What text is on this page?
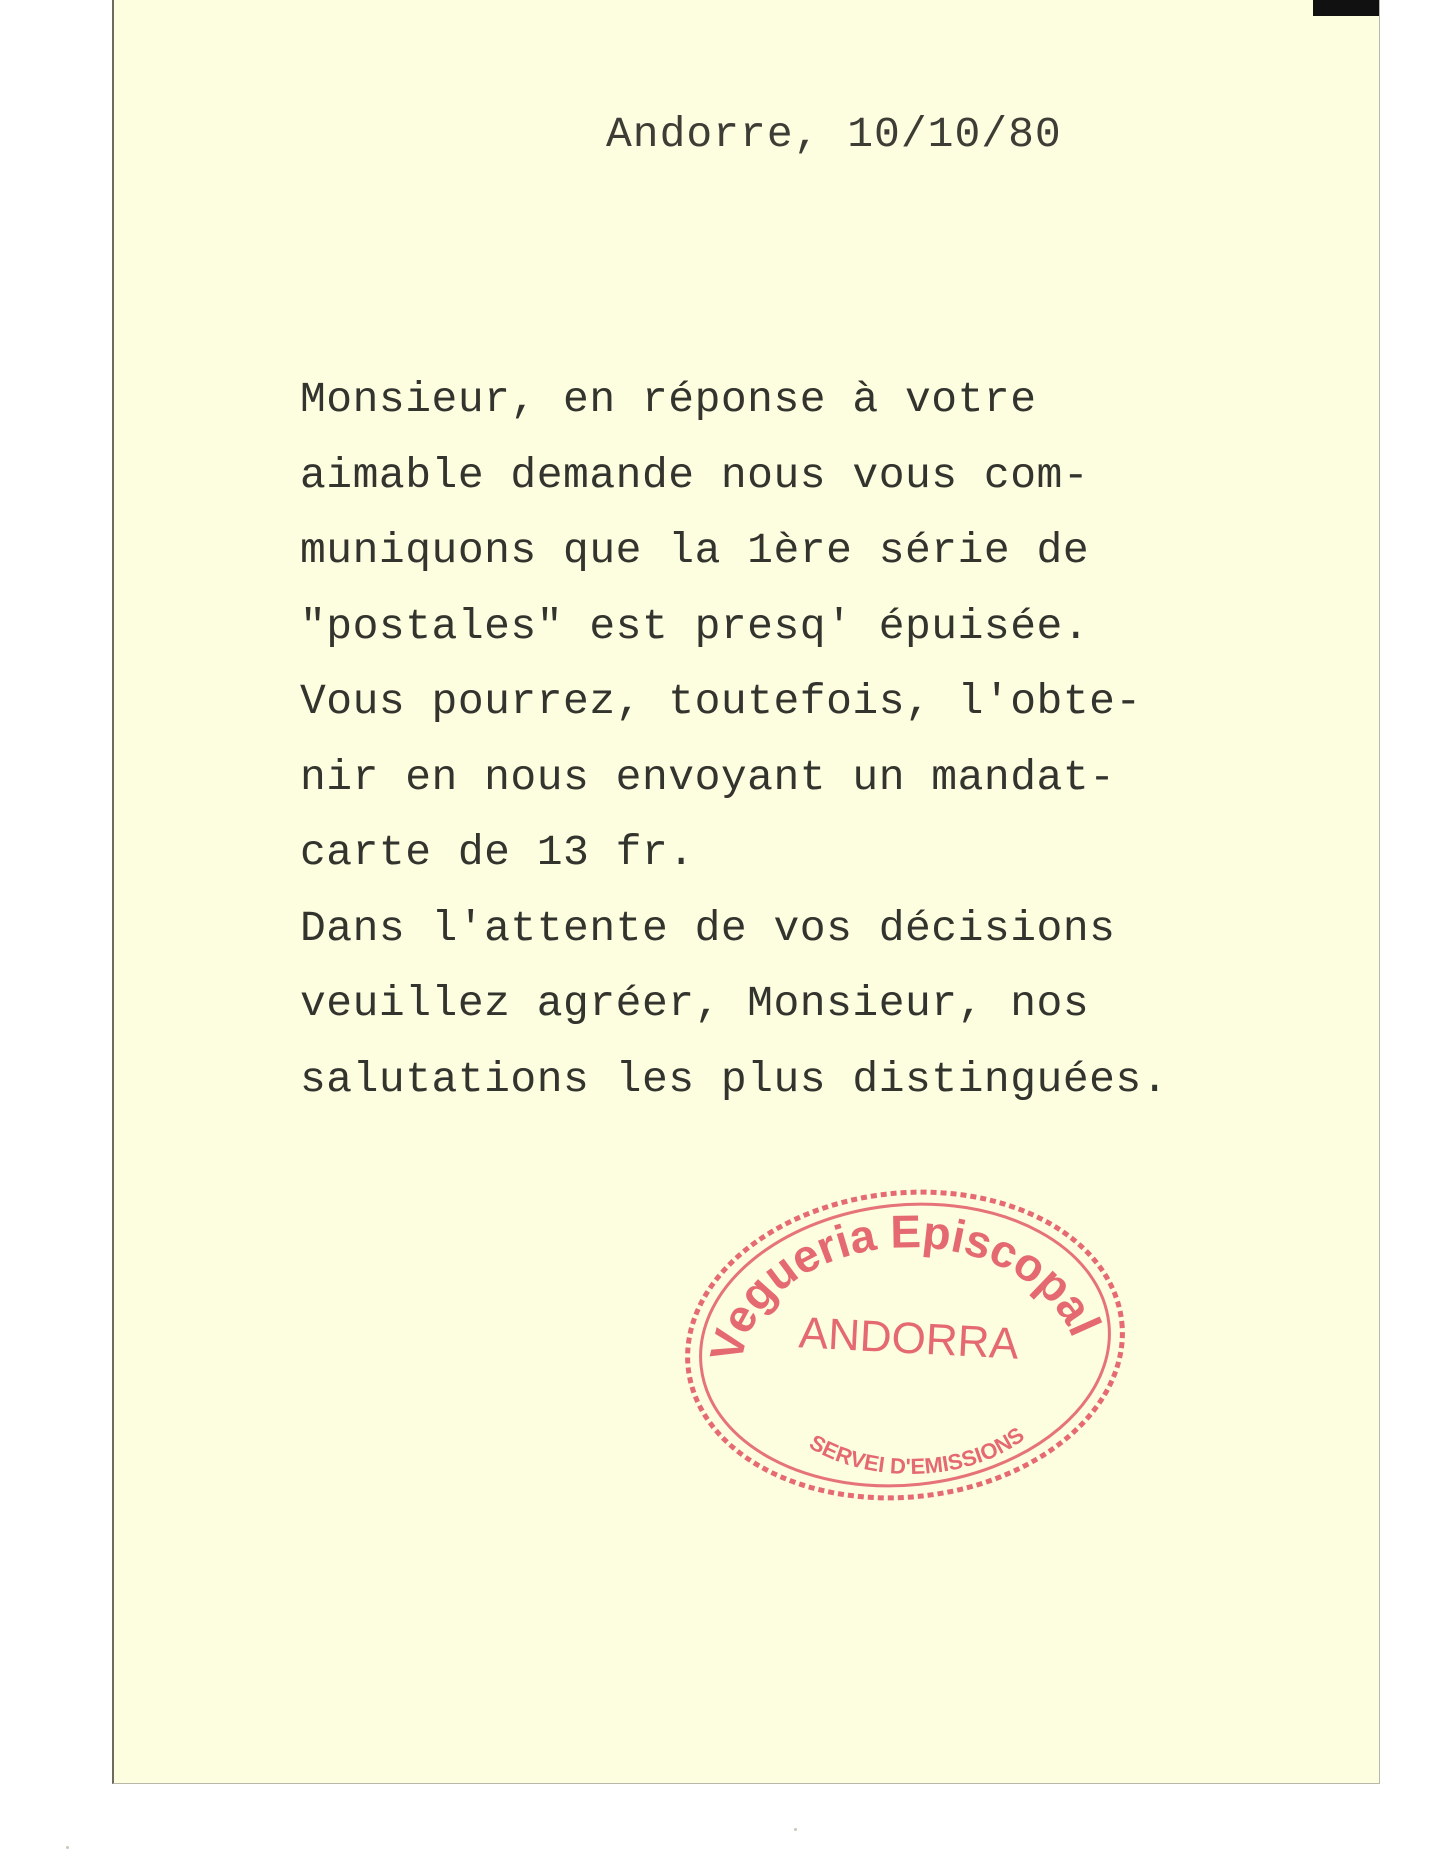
Andorre, 10/10/80

Monsieur, en réponse à votre
aimable demande nous vous com-
muniquons que la 1ère série de
"postales" est presq' épuisée.
Vous pourrez, toutefois, l'obte-
nir en nous envoyant un mandat-
carte de 13 fr.
Dans l'attente de vos décisions
veuillez agréer, Monsieur, nos
salutations les plus distinguées.

Vegueria Episcopal
ANDORRA
SERVEI D'EMISSIONS
